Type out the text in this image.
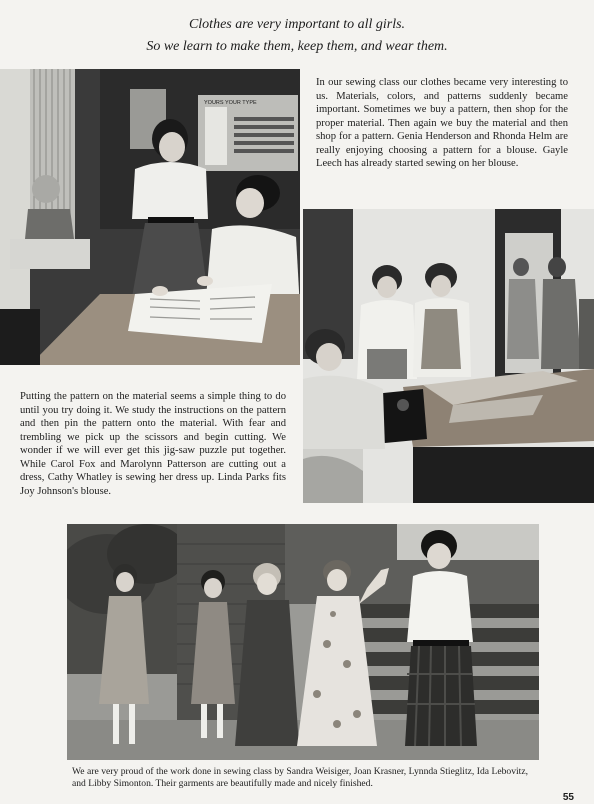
Clothes are very important to all girls.
So we learn to make them, keep them, and wear them.
YOURS YOUR TYPE
In our sewing class our clothes became very interesting to us. Materials, colors, and patterns suddenly became important. Sometimes we buy a pattern, then shop for the proper material. Then again we buy the material and then shop for a pattern. Genia Henderson and Rhonda Helm are really enjoying choosing a pattern for a blouse. Gayle Leech has already started sewing on her blouse.
Putting the pattern on the material seems a simple thing to do until you try doing it. We study the instructions on the pattern and then pin the pattern onto the material. With fear and trembling we pick up the scissors and begin cutting. We wonder if we will ever get this jig-saw puzzle put together. While Carol Fox and Marolynn Patterson are cutting out a dress, Cathy Whatley is sewing her dress up. Linda Parks fits Joy Johnson's blouse.
We are very proud of the work done in sewing class by Sandra Weisiger, Joan Krasner, Lynnda Stieglitz, Ida Lebovitz, and Libby Simonton. Their garments are beautifully made and nicely finished.
55
